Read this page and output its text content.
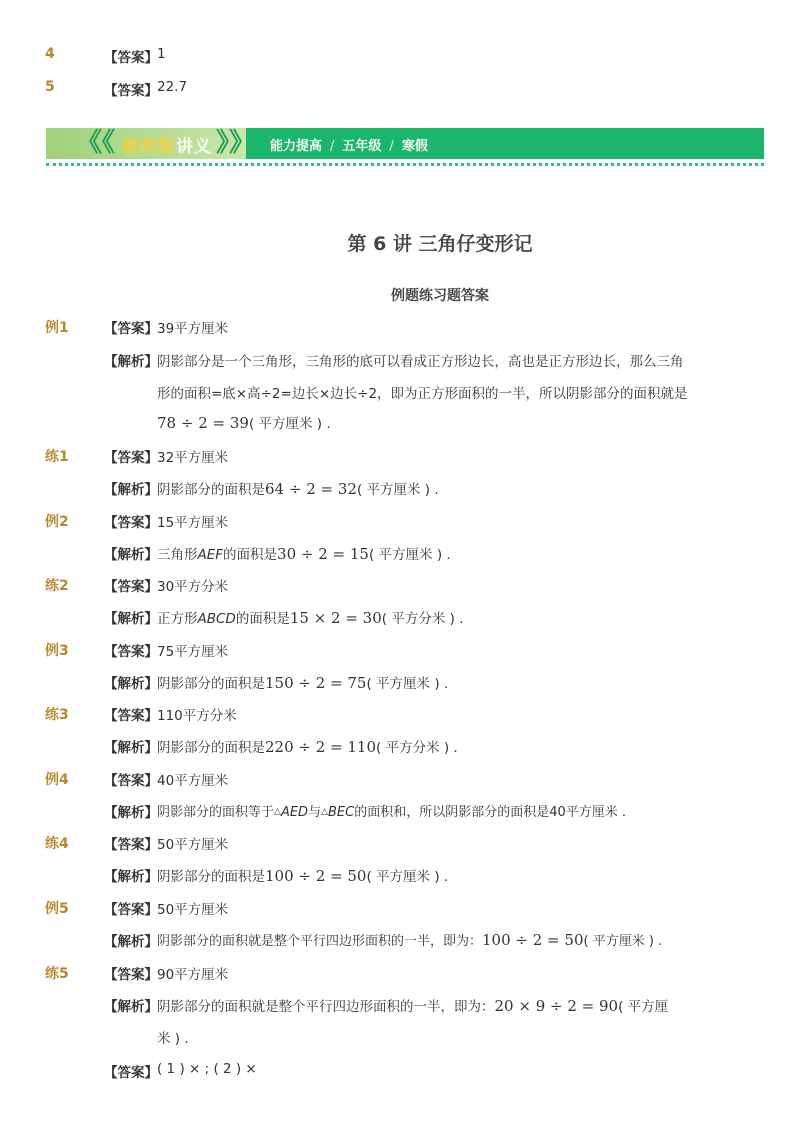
4	【答案】 1
5	【答案】 22.7
《《 教师版讲义 》》 能力提高 / 五年级 / 寒假
第 6 讲 三角仔变形记
例题练习题答案
例1	【答案】 39平方厘米
【解析】 阴影部分是一个三角形，三角形的底可以看成正方形边长，高也是正方形边长，那么三角
形的面积=底×高÷2=边长×边长÷2，即为正方形面积的一半，所以阴影部分的面积就是
78 ÷ 2 = 39( 平方厘米 ) .
练1	【答案】 32平方厘米
【解析】 阴影部分的面积是64 ÷ 2 = 32( 平方厘米 ) .
例2	【答案】 15平方厘米
【解析】 三角形AEF的面积是30 ÷ 2 = 15( 平方厘米 ) .
练2	【答案】 30平方分米
【解析】 正方形ABCD的面积是15 × 2 = 30( 平方分米 ) .
例3	【答案】 75平方厘米
【解析】 阴影部分的面积是150 ÷ 2 = 75( 平方厘米 ) .
练3	【答案】 110平方分米
【解析】 阴影部分的面积是220 ÷ 2 = 110( 平方分米 ) .
例4	【答案】 40平方厘米
【解析】 阴影部分的面积等于△AED与△BEC的面积和，所以阴影部分的面积是40平方厘米 .
练4	【答案】 50平方厘米
【解析】 阴影部分的面积是100 ÷ 2 = 50( 平方厘米 ) .
例5	【答案】 50平方厘米
【解析】 阴影部分的面积就是整个平行四边形面积的一半，即为：100 ÷ 2 = 50( 平方厘米 ) .
练5	【答案】 90平方厘米
【解析】 阴影部分的面积就是整个平行四边形面积的一半，即为：20 × 9 ÷ 2 = 90( 平方厘
米 ) .
【答案】 ( 1 ) × ; ( 2 ) ×
